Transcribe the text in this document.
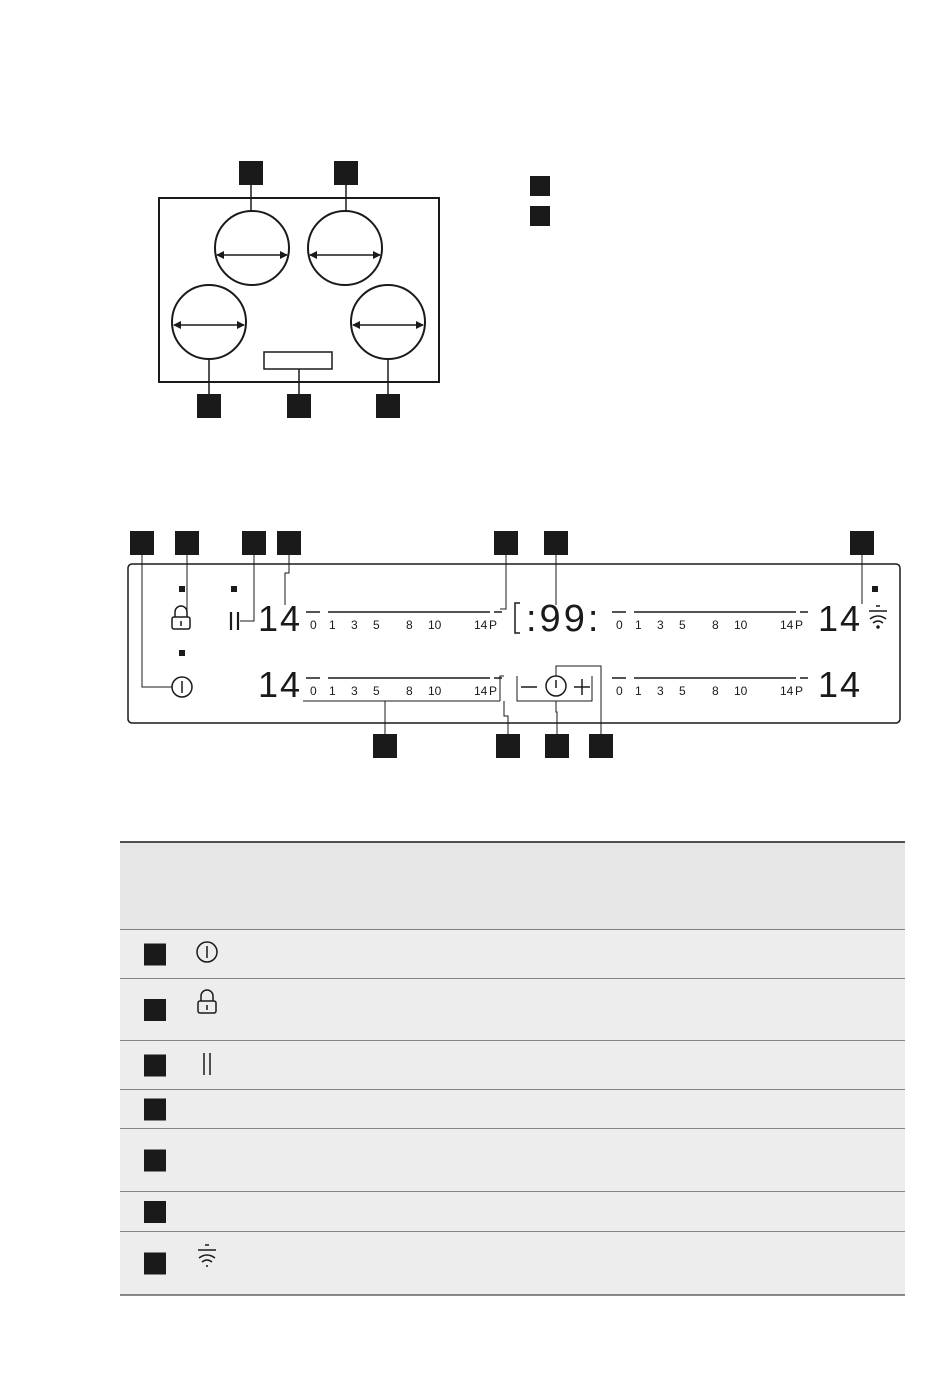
14
14
14
14
:99:
0 1 3 5 8 10	14 P
0 1 3 5 8 10	14 P
0 1 3 5 8 10	14 P
0 1 3 5 8 10	14 P
